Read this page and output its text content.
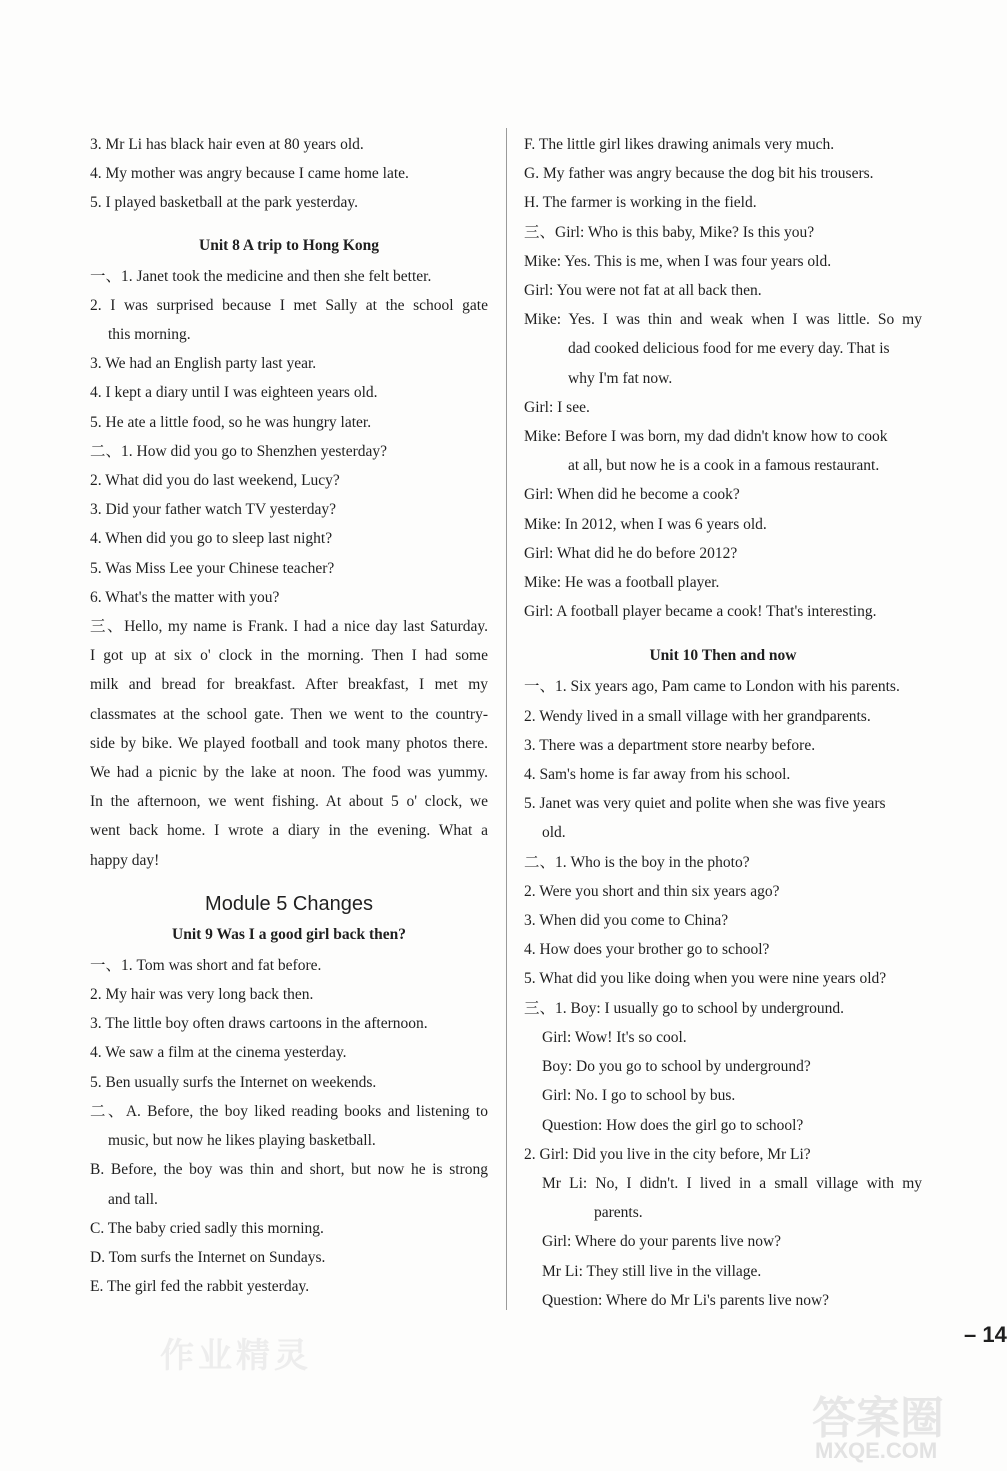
作业精灵
答案圈
MXQE.COM
3. Mr Li has black hair even at 80 years old.
4. My mother was angry because I came home late.
5. I played basketball at the park yesterday.
Unit 8 A trip to Hong Kong
一、1. Janet took the medicine and then she felt better.
2. I was surprised because I met Sally at the school gate
this morning.
3. We had an English party last year.
4. I kept a diary until I was eighteen years old.
5. He ate a little food, so he was hungry later.
二、1. How did you go to Shenzhen yesterday?
2. What did you do last weekend, Lucy?
3. Did your father watch TV yesterday?
4. When did you go to sleep last night?
5. Was Miss Lee your Chinese teacher?
6. What's the matter with you?
三、Hello, my name is Frank. I had a nice day last Saturday.
I got up at six o' clock in the morning. Then I had some
milk and bread for breakfast. After breakfast, I met my
classmates at the school gate. Then we went to the country-
side by bike. We played football and took many photos there.
We had a picnic by the lake at noon. The food was yummy.
In the afternoon, we went fishing. At about 5 o' clock, we
went back home. I wrote a diary in the evening. What a
happy day!
Module 5 Changes
Unit 9 Was I a good girl back then?
一、1. Tom was short and fat before.
2. My hair was very long back then.
3. The little boy often draws cartoons in the afternoon.
4. We saw a film at the cinema yesterday.
5. Ben usually surfs the Internet on weekends.
二、A. Before, the boy liked reading books and listening to
music, but now he likes playing basketball.
B. Before, the boy was thin and short, but now he is strong
and tall.
C. The baby cried sadly this morning.
D. Tom surfs the Internet on Sundays.
E. The girl fed the rabbit yesterday.
F. The little girl likes drawing animals very much.
G. My father was angry because the dog bit his trousers.
H. The farmer is working in the field.
三、Girl: Who is this baby, Mike? Is this you?
Mike: Yes. This is me, when I was four years old.
Girl: You were not fat at all back then.
Mike: Yes. I was thin and weak when I was little. So my
dad cooked delicious food for me every day. That is
why I'm fat now.
Girl: I see.
Mike: Before I was born, my dad didn't know how to cook
at all, but now he is a cook in a famous restaurant.
Girl: When did he become a cook?
Mike: In 2012, when I was 6 years old.
Girl: What did he do before 2012?
Mike: He was a football player.
Girl: A football player became a cook! That's interesting.
Unit 10 Then and now
一、1. Six years ago, Pam came to London with his parents.
2. Wendy lived in a small village with her grandparents.
3. There was a department store nearby before.
4. Sam's home is far away from his school.
5. Janet was very quiet and polite when she was five years
old.
二、1. Who is the boy in the photo?
2. Were you short and thin six years ago?
3. When did you come to China?
4. How does your brother go to school?
5. What did you like doing when you were nine years old?
三、1. Boy: I usually go to school by underground.
Girl: Wow! It's so cool.
Boy: Do you go to school by underground?
Girl: No. I go to school by bus.
Question: How does the girl go to school?
2. Girl: Did you live in the city before, Mr Li?
Mr Li: No, I didn't. I lived in a small village with my
parents.
Girl: Where do your parents live now?
Mr Li: They still live in the village.
Question: Where do Mr Li's parents live now?
– 14
